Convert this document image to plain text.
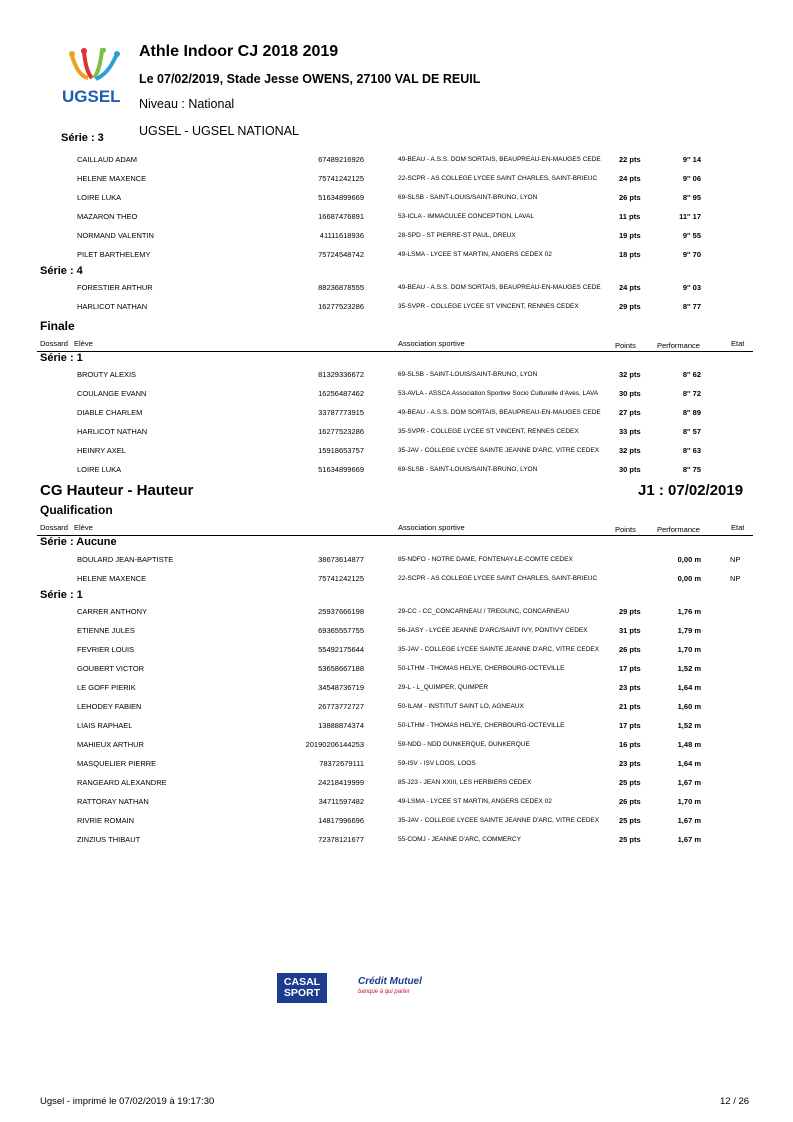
UGSEL
Athle Indoor CJ 2018 2019
Le 07/02/2019, Stade Jesse OWENS, 27100 VAL DE REUIL
Niveau : National
UGSEL - UGSEL NATIONAL
Série : 3
CAILLAUD ADAM	67489216926	49-BEAU - A.S.S. DOM SORTAIS, BEAUPREAU-EN-MAUGES CEDE	22 pts	9'' 14
HELENE MAXENCE	75741242125	22-SCPR - AS COLLEGE LYCEE SAINT CHARLES, SAINT-BRIEUC	24 pts	9'' 06
LOIRE LUKA	51634899669	69-SLSB - SAINT-LOUIS/SAINT-BRUNO, LYON	26 pts	8'' 95
MAZARON THEO	16687476891	53-ICLA - IMMACULEE CONCEPTION, LAVAL	11 pts	11'' 17
NORMAND VALENTIN	41111618936	28-SPD - ST PIERRE-ST PAUL, DREUX	19 pts	9'' 55
PILET BARTHELEMY	75724548742	49-LSMA - LYCEE ST MARTIN, ANGERS CEDEX 02	18 pts	9'' 70
Série : 4
FORESTIER ARTHUR	88236878555	49-BEAU - A.S.S. DOM SORTAIS, BEAUPREAU-EN-MAUGES CEDE	24 pts	9'' 03
HARLICOT NATHAN	16277523286	35-SVPR - COLLEGE LYCEE ST VINCENT, RENNES CEDEX	29 pts	8'' 77
Finale
Dossard Elève	Association sportive	Points	Performance	Etat
Série : 1
BROUTY ALEXIS	81329336672	69-SLSB - SAINT-LOUIS/SAINT-BRUNO, LYON	32 pts	8'' 62
COULANGE EVANN	16256487462	53-AVLA - ASSCA Association Sportive Socio Culturelle d'Aves, LAVA	30 pts	8'' 72
DIABLE CHARLEM	33787773915	49-BEAU - A.S.S. DOM SORTAIS, BEAUPREAU-EN-MAUGES CEDE	27 pts	8'' 89
HARLICOT NATHAN	16277523286	35-SVPR - COLLEGE LYCEE ST VINCENT, RENNES CEDEX	33 pts	8'' 57
HEINRY AXEL	15918653757	35-JAV - COLLEGE LYCEE SAINTE JEANNE D'ARC, VITRE CEDEX	32 pts	8'' 63
LOIRE LUKA	51634899669	69-SLSB - SAINT-LOUIS/SAINT-BRUNO, LYON	30 pts	8'' 75
CG Hauteur - Hauteur	J1 : 07/02/2019
Qualification
Dossard Elève	Association sportive	Points	Performance	Etat
Série : Aucune
BOULARD JEAN-BAPTISTE	38673614877	85-NDFO - NOTRE DAME, FONTENAY-LE-COMTE CEDEX	0,00 m	NP
HELENE MAXENCE	75741242125	22-SCPR - AS COLLEGE LYCEE SAINT CHARLES, SAINT-BRIEUC	0,00 m	NP
Série : 1
CARRER ANTHONY	25937666198	29-CC - CC_CONCARNEAU / TREGUNC, CONCARNEAU	29 pts	1,76 m
ETIENNE JULES	69365557755	56-JASY - LYCEE JEANNE D'ARC/SAINT IVY, PONTIVY CEDEX	31 pts	1,79 m
FEVRIER LOUIS	55492175644	35-JAV - COLLEGE LYCEE SAINTE JEANNE D'ARC, VITRE CEDEX	26 pts	1,70 m
GOUBERT VICTOR	53658667188	50-LTHM - THOMAS HELYE, CHERBOURG-OCTEVILLE	17 pts	1,52 m
LE GOFF PIERIK	34548736719	29-L - L_QUIMPER, QUIMPER	23 pts	1,64 m
LEHODEY FABIEN	26773772727	50-ILAM - INSTITUT SAINT LO, AGNEAUX	21 pts	1,60 m
LIAIS RAPHAEL	13888874374	50-LTHM - THOMAS HELYE, CHERBOURG-OCTEVILLE	17 pts	1,52 m
MAHIEUX ARTHUR	20190206144253	59-NDD - NDD DUNKERQUE, DUNKERQUE	16 pts	1,48 m
MASQUELIER PIERRE	78372679111	59-ISV - ISV LOOS, LOOS	23 pts	1,64 m
RANGEARD ALEXANDRE	24218419999	85-J23 - JEAN XXIII, LES HERBIERS CEDEX	25 pts	1,67 m
RATTORAY NATHAN	34711597482	49-LSMA - LYCEE ST MARTIN, ANGERS CEDEX 02	26 pts	1,70 m
RIVRIE ROMAIN	14817996696	35-JAV - COLLEGE LYCEE SAINTE JEANNE D'ARC, VITRE CEDEX	25 pts	1,67 m
ZINZIUS THIBAUT	72378121677	55-COMJ - JEANNE D'ARC, COMMERCY	25 pts	1,67 m
CASAL SPORT
Crédit Mutuel
banque à qui parler
Ugsel - imprimé le 07/02/2019 à 19:17:30	12 / 26
